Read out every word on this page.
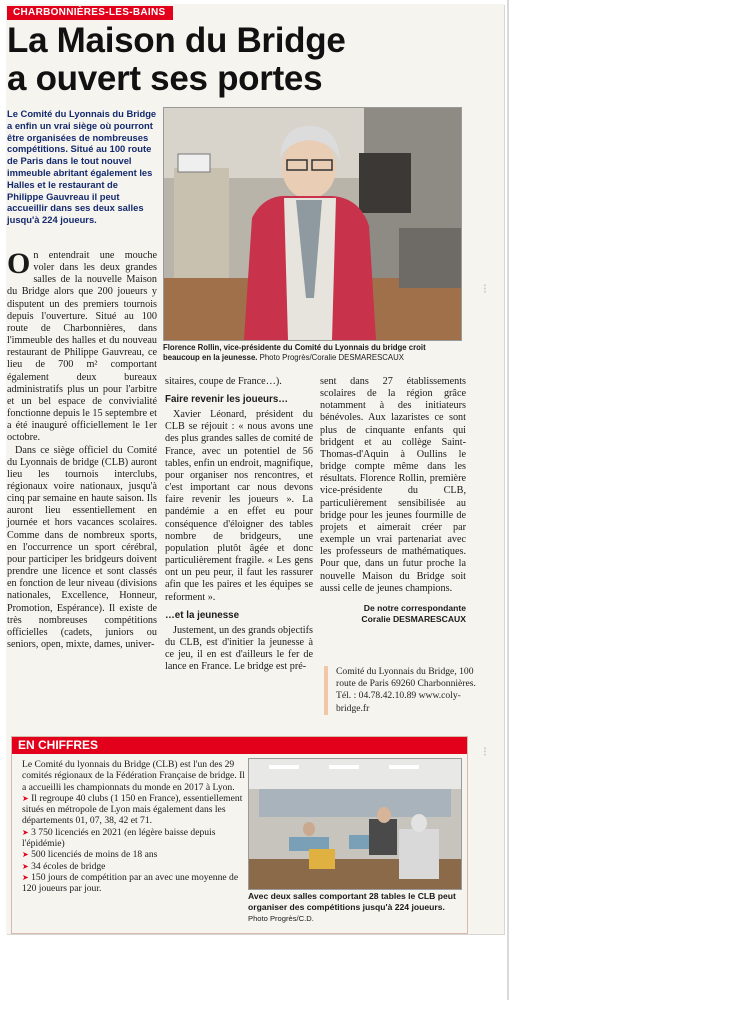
⁝
⁝
CHARBONNIÈRES-LES-BAINS
La Maison du Bridge
a ouvert ses portes

Le Comité du Lyonnais du Bridge a enfin un vrai siège où pourront être organisées de nombreuses compétitions. Situé au 100 route de Paris dans le tout nouvel immeuble abritant également les Halles et le restaurant de Philippe Gauvreau il peut accueillir dans ses deux salles jusqu'à 224 joueurs.

Florence Rollin, vice-présidente du Comité du Lyonnais du bridge croit beaucoup en la jeunesse. Photo Progrès/Coralie DESMARESCAUX

On entendrait une mouche voler dans les deux grandes salles de la nouvelle Maison du Bridge alors que 200 joueurs y disputent un des premiers tournois depuis l'ouverture. Situé au 100 route de Charbonnières, dans l'immeuble des halles et du nouveau restaurant de Philippe Gauvreau, ce lieu de 700 m² comportant également deux bureaux administratifs plus un pour l'arbitre et un bel espace de convivialité fonctionne depuis le 15 septembre et a été inauguré officiellement le 1er octobre.

Dans ce siège officiel du Comité du Lyonnais de bridge (CLB) auront lieu les tournois interclubs, régionaux voire nationaux, jusqu'à cinq par semaine en haute saison. Ils auront lieu essentiellement en journée et hors vacances scolaires. Comme dans de nombreux sports, en l'occurrence un sport cérébral, pour participer les bridgeurs doivent prendre une licence et sont classés en fonction de leur niveau (divisions nationales, Excellence, Honneur, Promotion, Espérance). Il existe de très nombreuses compétitions officielles (cadets, juniors ou seniors, open, mixte, dames, univer-

sitaires, coupe de France…).

Faire revenir les joueurs…

Xavier Léonard, président du CLB se réjouit : « nous avons une des plus grandes salles de comité de France, avec un potentiel de 56 tables, enfin un endroit, magnifique, pour organiser nos rencontres, et c'est important car nous devons faire revenir les joueurs ». La pandémie a en effet eu pour conséquence d'éloigner des tables nombre de bridgeurs, une population plutôt âgée et donc particulièrement fragile. « Les gens ont un peu peur, il faut les rassurer afin que les paires et les équipes se reforment ».

…et la jeunesse

Justement, un des grands objectifs du CLB, est d'initier la jeunesse à ce jeu, il en est d'ailleurs le fer de lance en France. Le bridge est pré-

sent dans 27 établissements scolaires de la région grâce notamment à des initiateurs bénévoles. Aux lazaristes ce sont plus de cinquante enfants qui bridgent et au collège Saint-Thomas-d'Aquin à Oullins le bridge compte même dans les résultats. Florence Rollin, première vice-présidente du CLB, particulièrement sensibilisée au bridge pour les jeunes fourmille de projets et aimerait créer par exemple un vrai partenariat avec les professeurs de mathématiques. Pour que, dans un futur proche la nouvelle Maison du Bridge soit aussi celle de jeunes champions.

De notre correspondante
Coralie DESMARESCAUX
Comité du Lyonnais du Bridge, 100 route de Paris 69260 Charbonnières. Tél. : 04.78.42.10.89 www.coly-bridge.fr
EN CHIFFRES

Le Comité du lyonnais du Bridge (CLB) est l'un des 29 comités régionaux de la Fédération Française de bridge. Il a accueilli les championnats du monde en 2017 à Lyon.

➤ Il regroupe 40 clubs (1 150 en France), essentiellement situés en métropole de Lyon mais également dans les départements 01, 07, 38, 42 et 71.

➤ 3 750 licenciés en 2021 (en légère baisse depuis l'épidémie)

➤ 500 licenciés de moins de 18 ans

➤ 34 écoles de bridge

➤ 150 jours de compétition par an avec une moyenne de 120 joueurs par jour.

Avec deux salles comportant 28 tables le CLB peut organiser des compétitions jusqu'à 224 joueurs. Photo Progrès/C.D.
